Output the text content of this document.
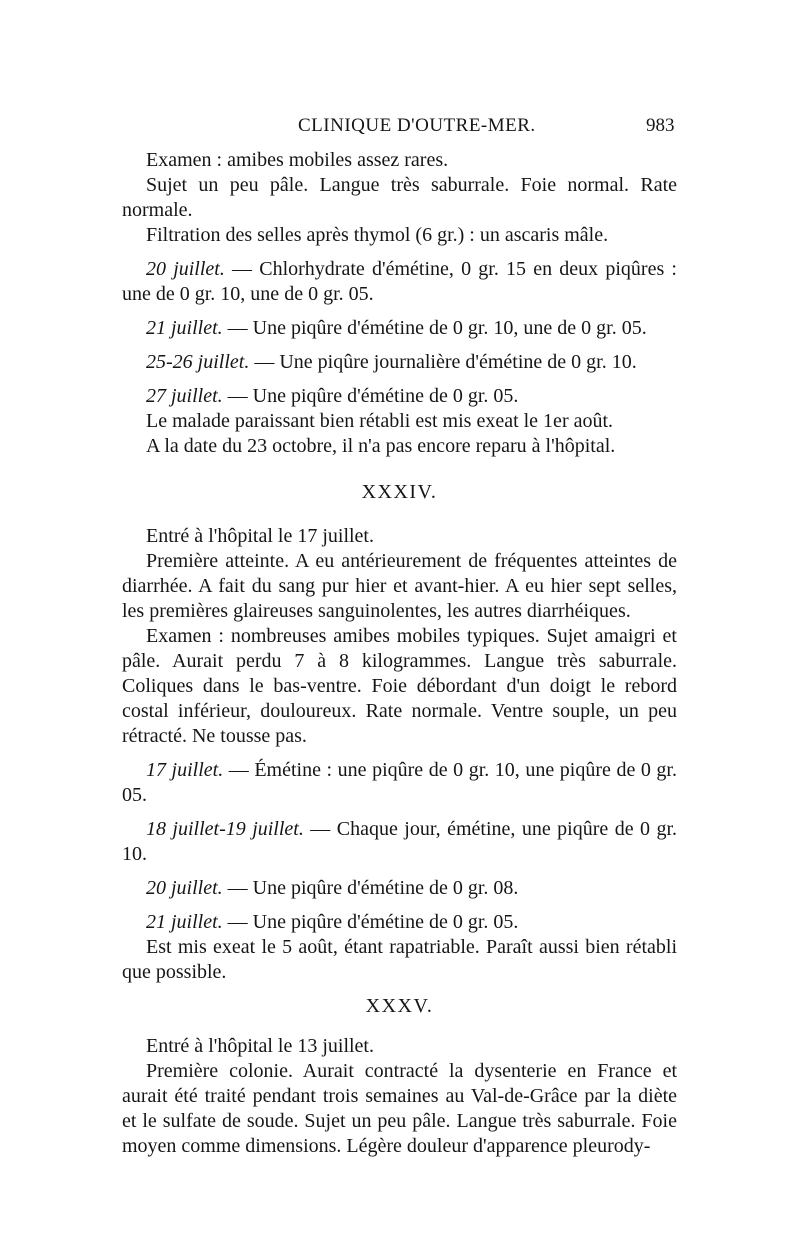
CLINIQUE D'OUTRE-MER.	983

Examen : amibes mobiles assez rares.

Sujet un peu pâle. Langue très saburrale. Foie normal. Rate normale.

Filtration des selles après thymol (6 gr.) : un ascaris mâle.

20 juillet. — Chlorhydrate d'émétine, 0 gr. 15 en deux piqûres : une de 0 gr. 10, une de 0 gr. 05.

21 juillet. — Une piqûre d'émétine de 0 gr. 10, une de 0 gr. 05.

25-26 juillet. — Une piqûre journalière d'émétine de 0 gr. 10.

27 juillet. — Une piqûre d'émétine de 0 gr. 05.

Le malade paraissant bien rétabli est mis exeat le 1er août.

A la date du 23 octobre, il n'a pas encore reparu à l'hôpital.

XXXIV.

Entré à l'hôpital le 17 juillet.

Première atteinte. A eu antérieurement de fréquentes atteintes de diarrhée. A fait du sang pur hier et avant-hier. A eu hier sept selles, les premières glaireuses sanguinolentes, les autres diarrhéiques.

Examen : nombreuses amibes mobiles typiques. Sujet amaigri et pâle. Aurait perdu 7 à 8 kilogrammes. Langue très saburrale. Coliques dans le bas-ventre. Foie débordant d'un doigt le rebord costal inférieur, douloureux. Rate normale. Ventre souple, un peu rétracté. Ne tousse pas.

17 juillet. — Émétine : une piqûre de 0 gr. 10, une piqûre de 0 gr. 05.

18 juillet-19 juillet. — Chaque jour, émétine, une piqûre de 0 gr. 10.

20 juillet. — Une piqûre d'émétine de 0 gr. 08.

21 juillet. — Une piqûre d'émétine de 0 gr. 05.

Est mis exeat le 5 août, étant rapatriable. Paraît aussi bien rétabli que possible.

XXXV.

Entré à l'hôpital le 13 juillet.

Première colonie. Aurait contracté la dysenterie en France et aurait été traité pendant trois semaines au Val-de-Grâce par la diète et le sulfate de soude. Sujet un peu pâle. Langue très saburrale. Foie moyen comme dimensions. Légère douleur d'apparence pleurody-
